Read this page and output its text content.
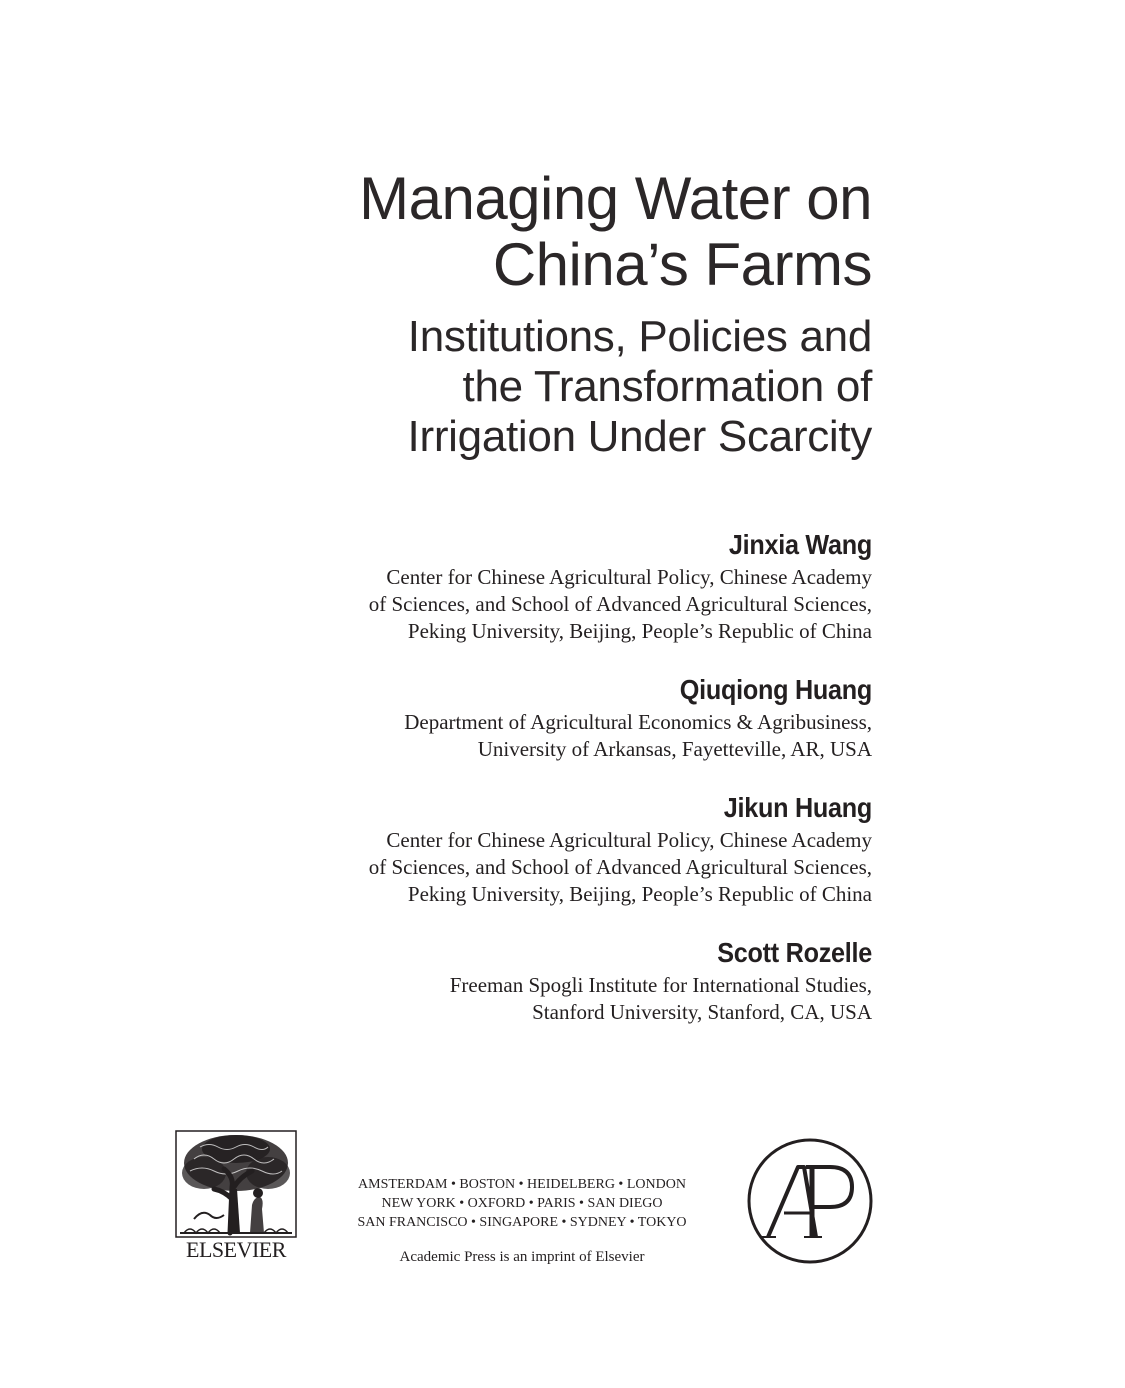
Managing Water on
China’s Farms
Institutions, Policies and
the Transformation of
Irrigation Under Scarcity
Jinxia Wang
Center for Chinese Agricultural Policy, Chinese Academy
of Sciences, and School of Advanced Agricultural Sciences,
Peking University, Beijing, People’s Republic of China
Qiuqiong Huang
Department of Agricultural Economics & Agribusiness,
University of Arkansas, Fayetteville, AR, USA
Jikun Huang
Center for Chinese Agricultural Policy, Chinese Academy
of Sciences, and School of Advanced Agricultural Sciences,
Peking University, Beijing, People’s Republic of China
Scott Rozelle
Freeman Spogli Institute for International Studies,
Stanford University, Stanford, CA, USA
ELSEVIER
AMSTERDAM • BOSTON • HEIDELBERG • LONDON
NEW YORK • OXFORD • PARIS • SAN DIEGO
SAN FRANCISCO • SINGAPORE • SYDNEY • TOKYO
Academic Press is an imprint of Elsevier
